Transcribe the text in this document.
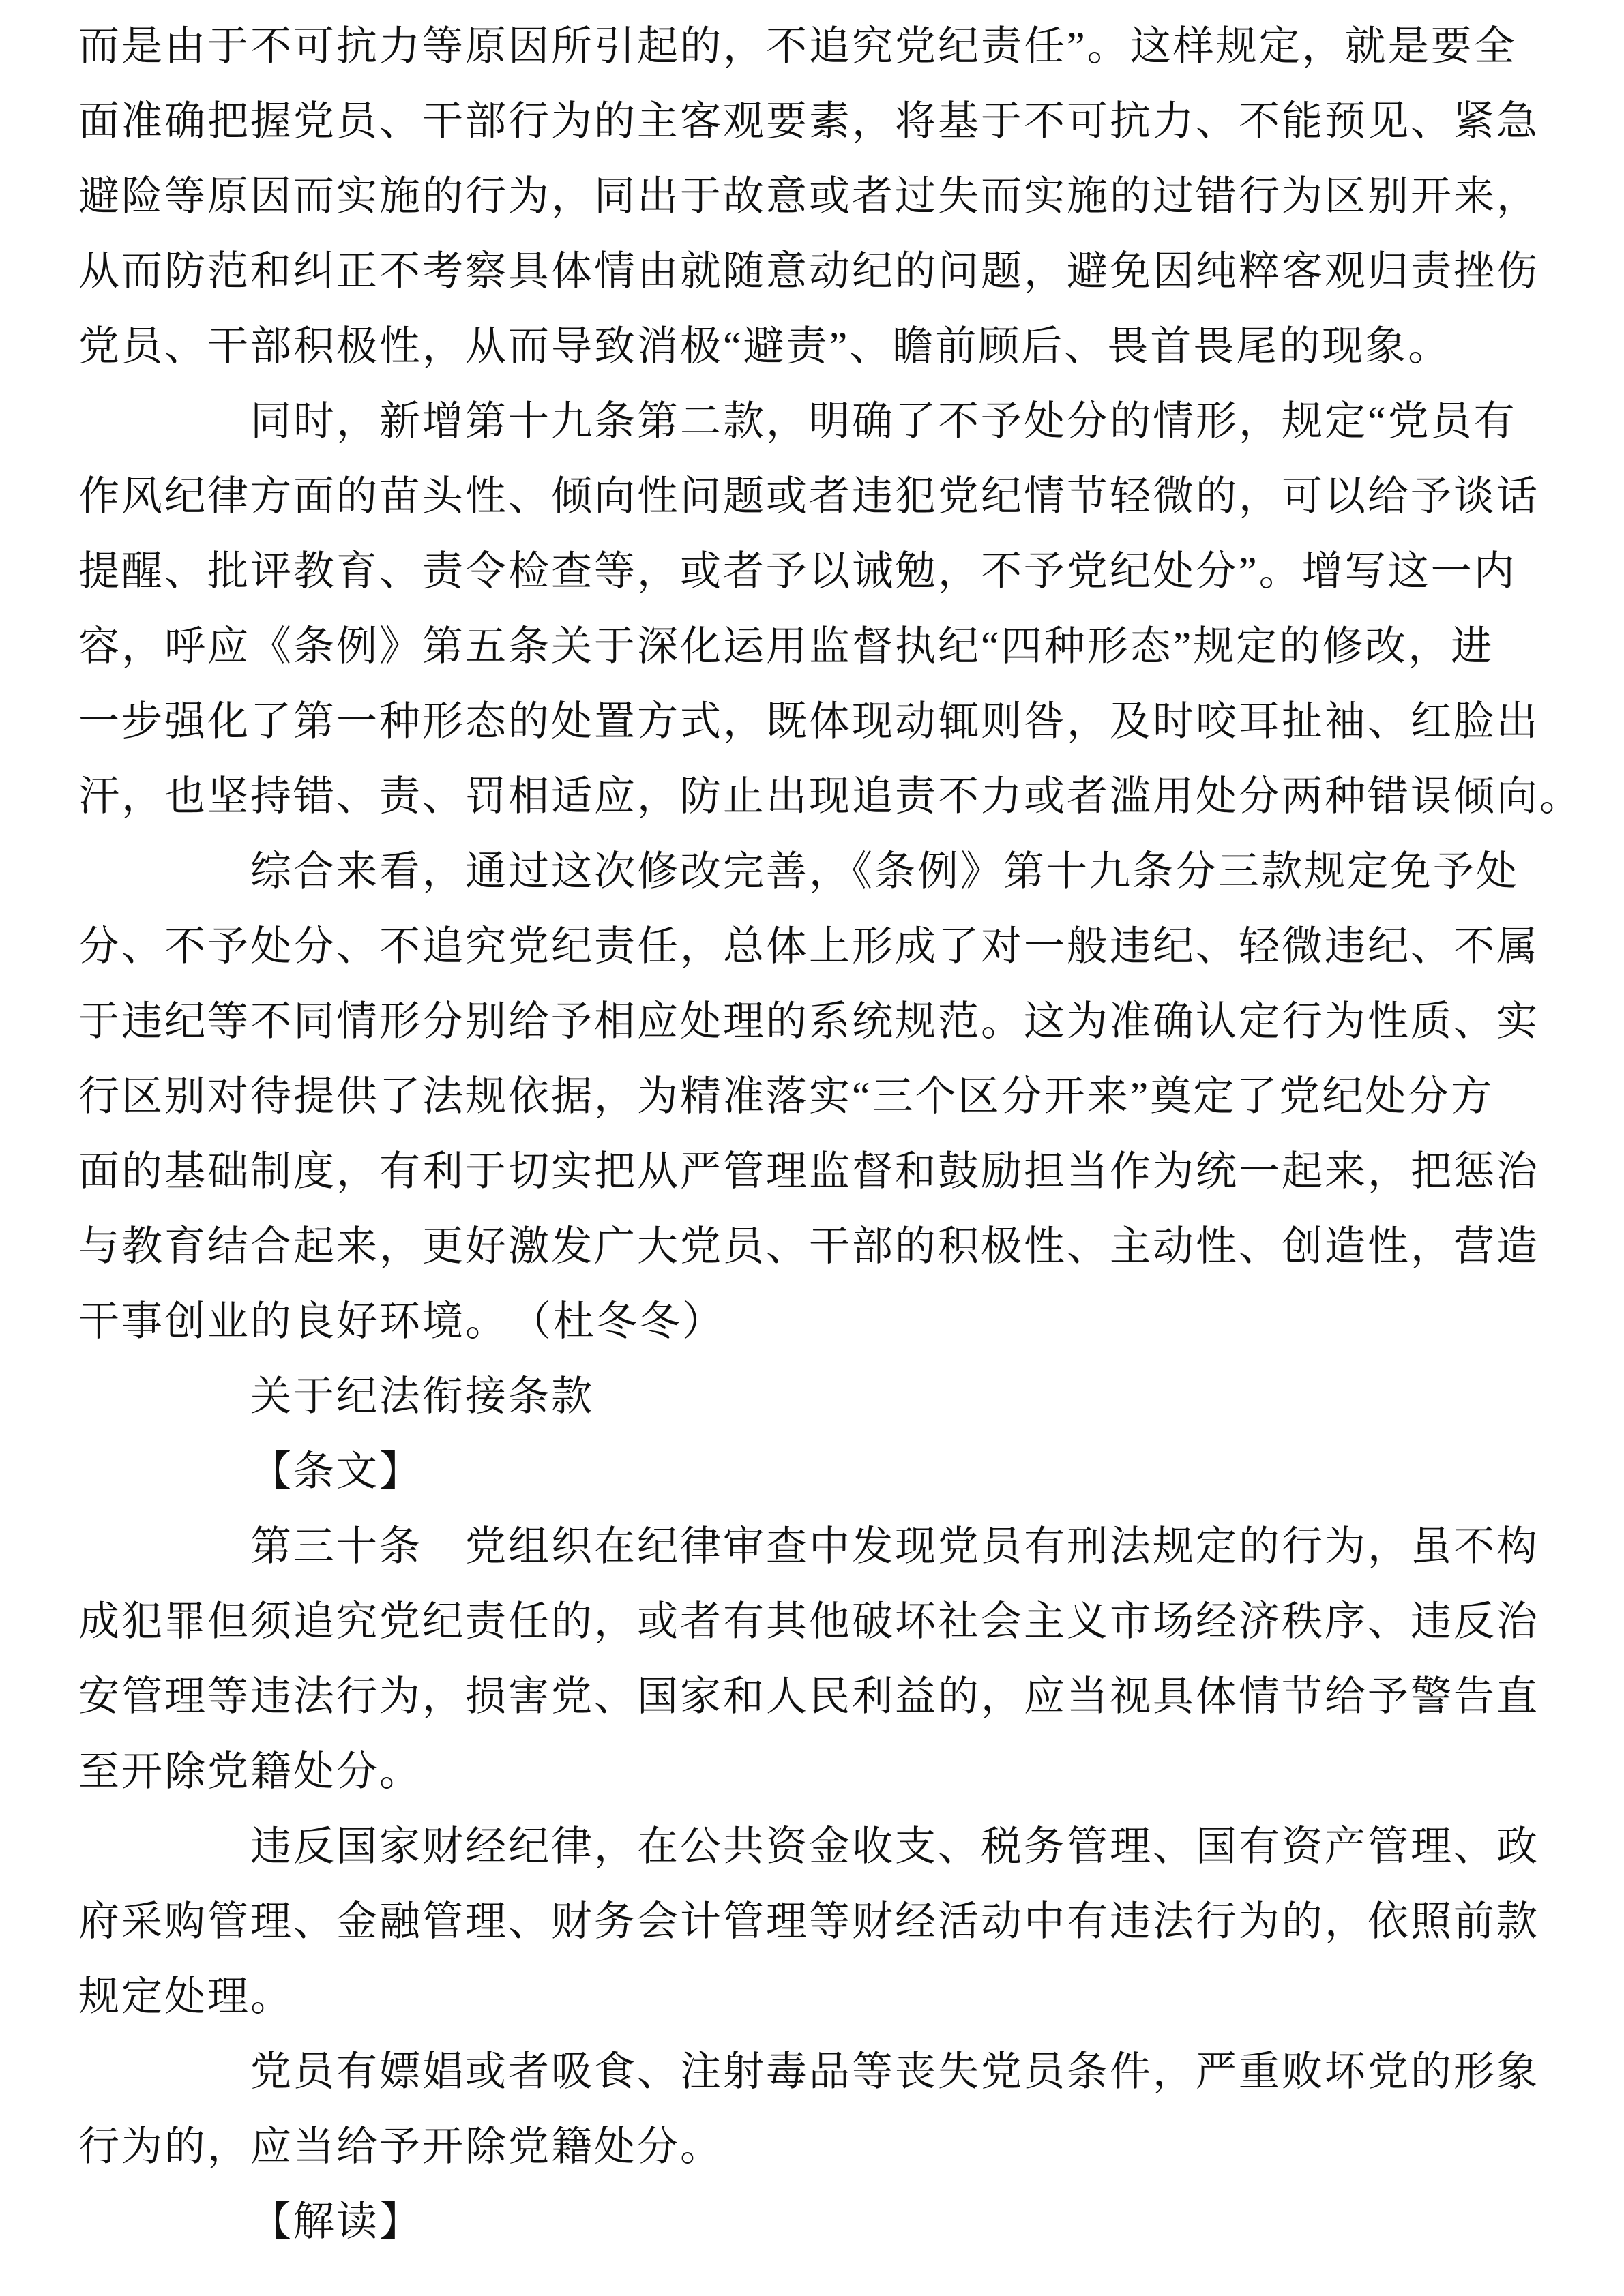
而是由于不可抗力等原因所引起的，不追究党纪责任”。这样规定，就是要全
面准确把握党员、干部行为的主客观要素，将基于不可抗力、不能预见、紧急
避险等原因而实施的行为，同出于故意或者过失而实施的过错行为区别开来，
从而防范和纠正不考察具体情由就随意动纪的问题，避免因纯粹客观归责挫伤
党员、干部积极性，从而导致消极“避责”、瞻前顾后、畏首畏尾的现象。
同时，新增第十九条第二款，明确了不予处分的情形，规定“党员有
作风纪律方面的苗头性、倾向性问题或者违犯党纪情节轻微的，可以给予谈话
提醒、批评教育、责令检查等，或者予以诫勉，不予党纪处分”。增写这一内
容，呼应《条例》第五条关于深化运用监督执纪“四种形态”规定的修改，进
一步强化了第一种形态的处置方式，既体现动辄则咎，及时咬耳扯袖、红脸出
汗，也坚持错、责、罚相适应，防止出现追责不力或者滥用处分两种错误倾向。
综合来看，通过这次修改完善，《条例》第十九条分三款规定免予处
分、不予处分、不追究党纪责任，总体上形成了对一般违纪、轻微违纪、不属
于违纪等不同情形分别给予相应处理的系统规范。这为准确认定行为性质、实
行区别对待提供了法规依据，为精准落实“三个区分开来”奠定了党纪处分方
面的基础制度，有利于切实把从严管理监督和鼓励担当作为统一起来，把惩治
与教育结合起来，更好激发广大党员、干部的积极性、主动性、创造性，营造
干事创业的良好环境。　（杜冬冬）
关于纪法衔接条款
【条文】
第三十条　党组织在纪律审查中发现党员有刑法规定的行为，虽不构
成犯罪但须追究党纪责任的，或者有其他破坏社会主义市场经济秩序、违反治
安管理等违法行为，损害党、国家和人民利益的，应当视具体情节给予警告直
至开除党籍处分。
违反国家财经纪律，在公共资金收支、税务管理、国有资产管理、政
府采购管理、金融管理、财务会计管理等财经活动中有违法行为的，依照前款
规定处理。
党员有嫖娼或者吸食、注射毒品等丧失党员条件，严重败坏党的形象
行为的，应当给予开除党籍处分。
【解读】
